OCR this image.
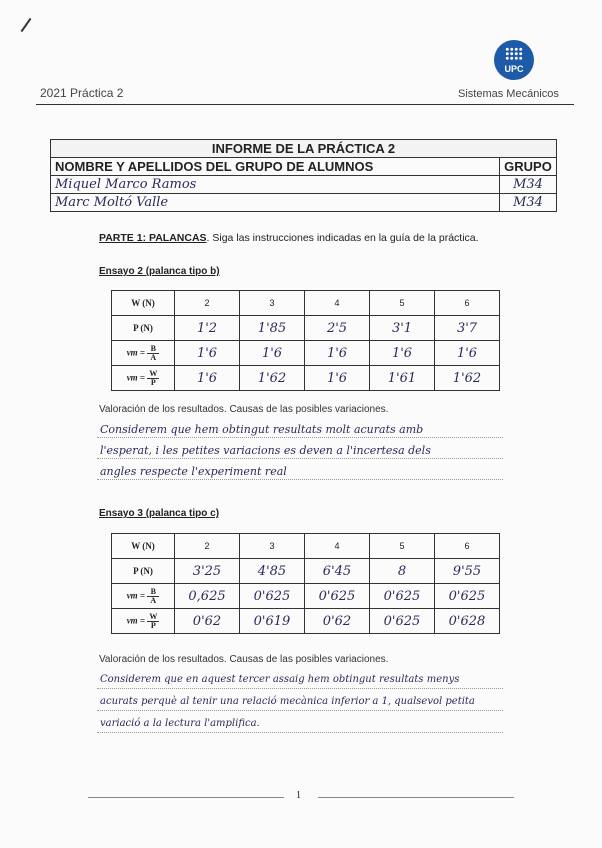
2021 Práctica 2
UPC
Sistemas Mecánicos
INFORME DE LA PRÁCTICA 2	
NOMBRE Y APELLIDOS DEL GRUPO DE ALUMNOS	GRUPO
Miquel Marco Ramos	M34
Marc Moltó Valle	M34
PARTE 1: PALANCAS. Siga las instrucciones indicadas en la guía de la práctica.
Ensayo 2 (palanca tipo b)
W (N)	2	3	4	5	6
P (N)	1'2	1'85	2'5	3'1	3'7
vm = $\frac{B}{A}$	1'6	1'6	1'6	1'6	1'6
vm = $\frac{W}{P}$	1'6	1'62	1'6	1'61	1'62
Valoración de los resultados. Causas de las posibles variaciones.
Considerem que hem obtingut resultats molt acurats amb
l'esperat, i les petites variacions es deven a l'incertesa dels
angles respecte l'experiment real
Ensayo 3 (palanca tipo c)
W (N)	2	3	4	5	6
P (N)	3'25	4'85	6'45	8	9'55
vm = $\frac{B}{A}$	0,625	0'625	0'625	0'625	0'625
vm = $\frac{W}{P}$	0'62	0'619	0'62	0'625	0'628
Valoración de los resultados. Causas de las posibles variaciones.
Considerem que en aquest tercer assaig hem obtingut resultats menys
acurats perquè al tenir una relació mecànica inferior a 1, qualsevol petita
variació a la lectura l'amplifica.
1
